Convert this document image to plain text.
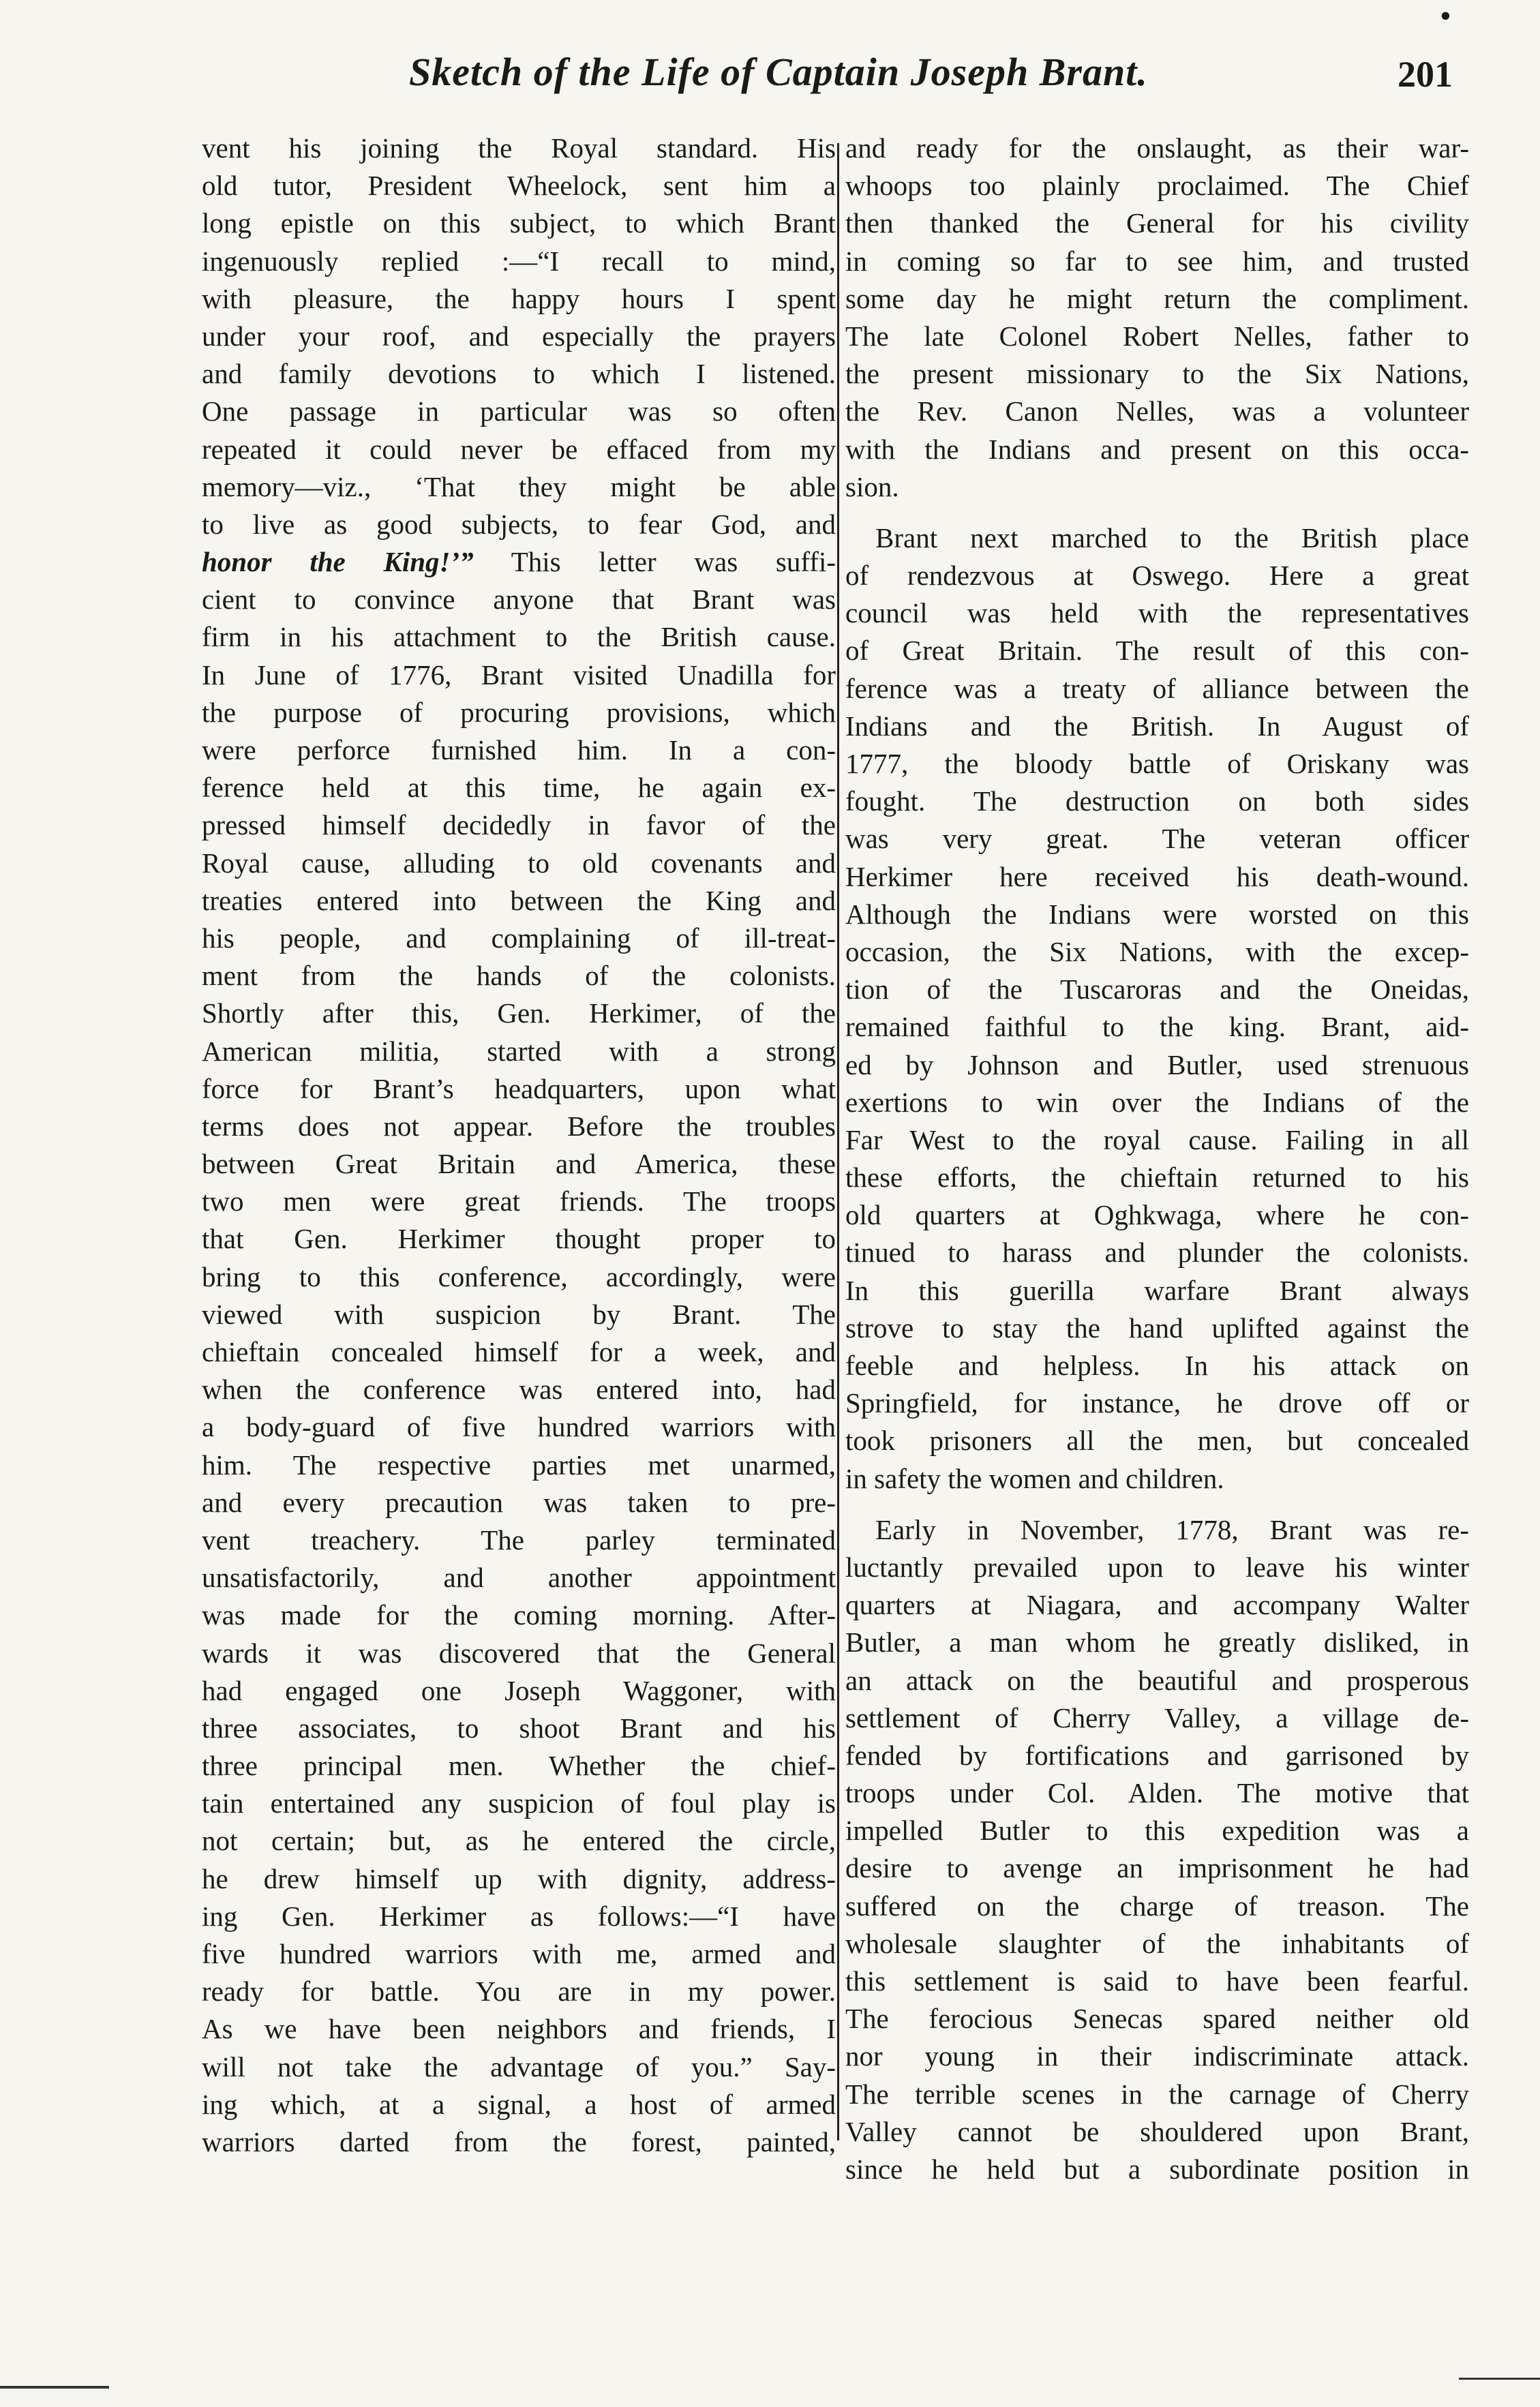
•
Sketch of the Life of Captain Joseph Brant.	201
vent his joining the Royal standard. His
old tutor, President Wheelock, sent him a
long epistle on this subject, to which Brant
ingenuously replied :—“I recall to mind,
with pleasure, the happy hours I spent
under your roof, and especially the prayers
and family devotions to which I listened.
One passage in particular was so often
repeated it could never be effaced from my
memory—viz., ‘That they might be able
to live as good subjects, to fear God, and
honor the King!’” This letter was suffi-
cient to convince anyone that Brant was
firm in his attachment to the British cause.
In June of 1776, Brant visited Unadilla for
the purpose of procuring provisions, which
were perforce furnished him. In a con-
ference held at this time, he again ex-
pressed himself decidedly in favor of the
Royal cause, alluding to old covenants and
treaties entered into between the King and
his people, and complaining of ill-treat-
ment from the hands of the colonists.
Shortly after this, Gen. Herkimer, of the
American militia, started with a strong
force for Brant’s headquarters, upon what
terms does not appear. Before the troubles
between Great Britain and America, these
two men were great friends. The troops
that Gen. Herkimer thought proper to
bring to this conference, accordingly, were
viewed with suspicion by Brant. The
chieftain concealed himself for a week, and
when the conference was entered into, had
a body-guard of five hundred warriors with
him. The respective parties met unarmed,
and every precaution was taken to pre-
vent treachery. The parley terminated
unsatisfactorily, and another appointment
was made for the coming morning. After-
wards it was discovered that the General
had engaged one Joseph Waggoner, with
three associates, to shoot Brant and his
three principal men. Whether the chief-
tain entertained any suspicion of foul play is
not certain; but, as he entered the circle,
he drew himself up with dignity, address-
ing Gen. Herkimer as follows:—“I have
five hundred warriors with me, armed and
ready for battle. You are in my power.
As we have been neighbors and friends, I
will not take the advantage of you.” Say-
ing which, at a signal, a host of armed
warriors darted from the forest, painted,
and ready for the onslaught, as their war-
whoops too plainly proclaimed. The Chief
then thanked the General for his civility
in coming so far to see him, and trusted
some day he might return the compliment.
The late Colonel Robert Nelles, father to
the present missionary to the Six Nations,
the Rev. Canon Nelles, was a volunteer
with the Indians and present on this occa-
sion.
Brant next marched to the British place
of rendezvous at Oswego. Here a great
council was held with the representatives
of Great Britain. The result of this con-
ference was a treaty of alliance between the
Indians and the British. In August of
1777, the bloody battle of Oriskany was
fought. The destruction on both sides
was very great. The veteran officer
Herkimer here received his death-wound.
Although the Indians were worsted on this
occasion, the Six Nations, with the excep-
tion of the Tuscaroras and the Oneidas,
remained faithful to the king. Brant, aid-
ed by Johnson and Butler, used strenuous
exertions to win over the Indians of the
Far West to the royal cause. Failing in all
these efforts, the chieftain returned to his
old quarters at Oghkwaga, where he con-
tinued to harass and plunder the colonists.
In this guerilla warfare Brant always
strove to stay the hand uplifted against the
feeble and helpless. In his attack on
Springfield, for instance, he drove off or
took prisoners all the men, but concealed
in safety the women and children.
Early in November, 1778, Brant was re-
luctantly prevailed upon to leave his winter
quarters at Niagara, and accompany Walter
Butler, a man whom he greatly disliked, in
an attack on the beautiful and prosperous
settlement of Cherry Valley, a village de-
fended by fortifications and garrisoned by
troops under Col. Alden. The motive that
impelled Butler to this expedition was a
desire to avenge an imprisonment he had
suffered on the charge of treason. The
wholesale slaughter of the inhabitants of
this settlement is said to have been fearful.
The ferocious Senecas spared neither old
nor young in their indiscriminate attack.
The terrible scenes in the carnage of Cherry
Valley cannot be shouldered upon Brant,
since he held but a subordinate position in
